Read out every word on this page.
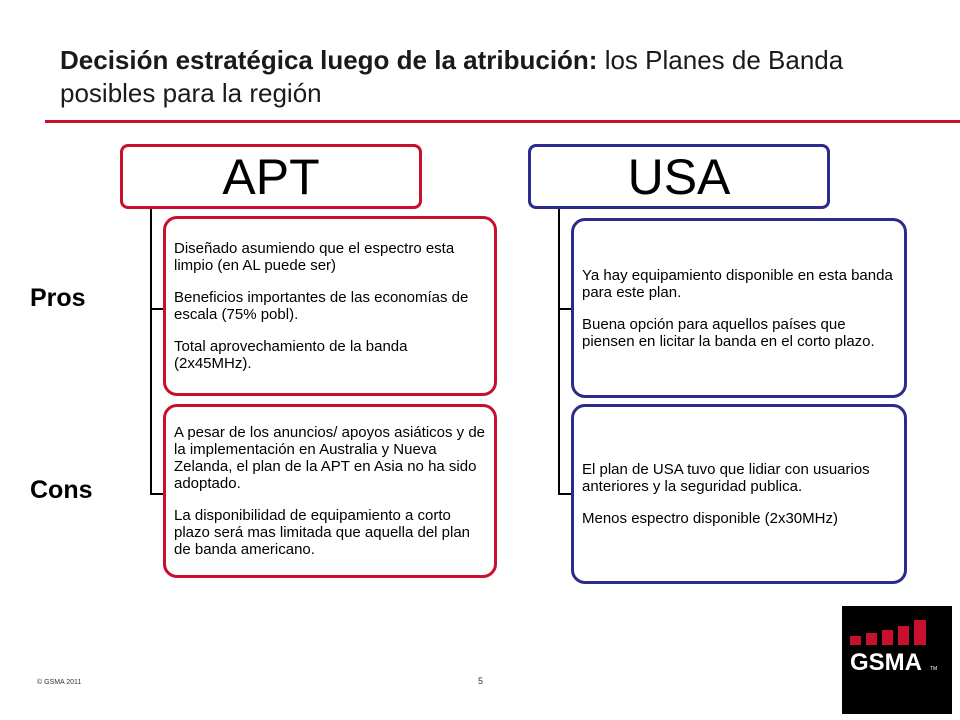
Decisión estratégica luego de la atribución: los Planes de Banda posibles para la región
Pros
Cons
APT

Diseñado asumiendo que el espectro esta limpio (en AL puede ser)

Beneficios importantes de las economías de escala (75% pobl).

Total aprovechamiento de la banda (2x45MHz).

A pesar de los anuncios/ apoyos asiáticos y de la implementación en Australia y Nueva Zelanda, el plan de la APT en Asia no ha sido adoptado.

La disponibilidad de equipamiento a corto plazo será mas limitada que aquella del plan de banda americano.

USA

Ya hay equipamiento disponible en esta banda para este plan.

Buena opción para aquellos países que piensen en licitar la banda en el corto plazo.

El plan de USA tuvo que lidiar con usuarios anteriores y la seguridad publica.

Menos espectro disponible (2x30MHz)

© GSMA 2011	5
GSMA TM
